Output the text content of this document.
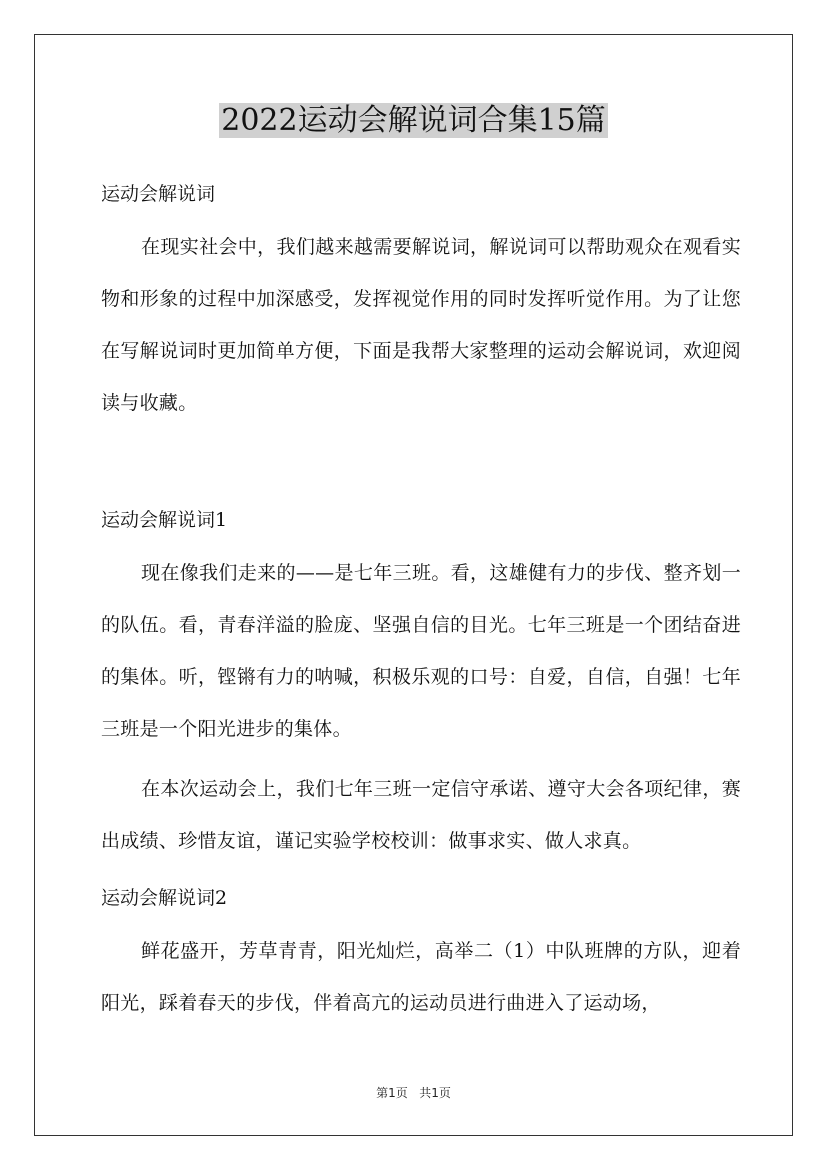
2022运动会解说词合集15篇
运动会解说词
在现实社会中，我们越来越需要解说词，解说词可以帮助观众在观看实物和形象的过程中加深感受，发挥视觉作用的同时发挥听觉作用。为了让您在写解说词时更加简单方便，下面是我帮大家整理的运动会解说词，欢迎阅读与收藏。
运动会解说词1
现在像我们走来的——是七年三班。看，这雄健有力的步伐、整齐划一的队伍。看，青春洋溢的脸庞、坚强自信的目光。七年三班是一个团结奋进的集体。听，铿锵有力的呐喊，积极乐观的口号：自爱，自信，自强！七年三班是一个阳光进步的集体。
在本次运动会上，我们七年三班一定信守承诺、遵守大会各项纪律，赛出成绩、珍惜友谊，谨记实验学校校训：做事求实、做人求真。
运动会解说词2
鲜花盛开，芳草青青，阳光灿烂，高举二（1）中队班牌的方队，迎着阳光，踩着春天的步伐，伴着高亢的运动员进行曲进入了运动场，
第1页   共1页
